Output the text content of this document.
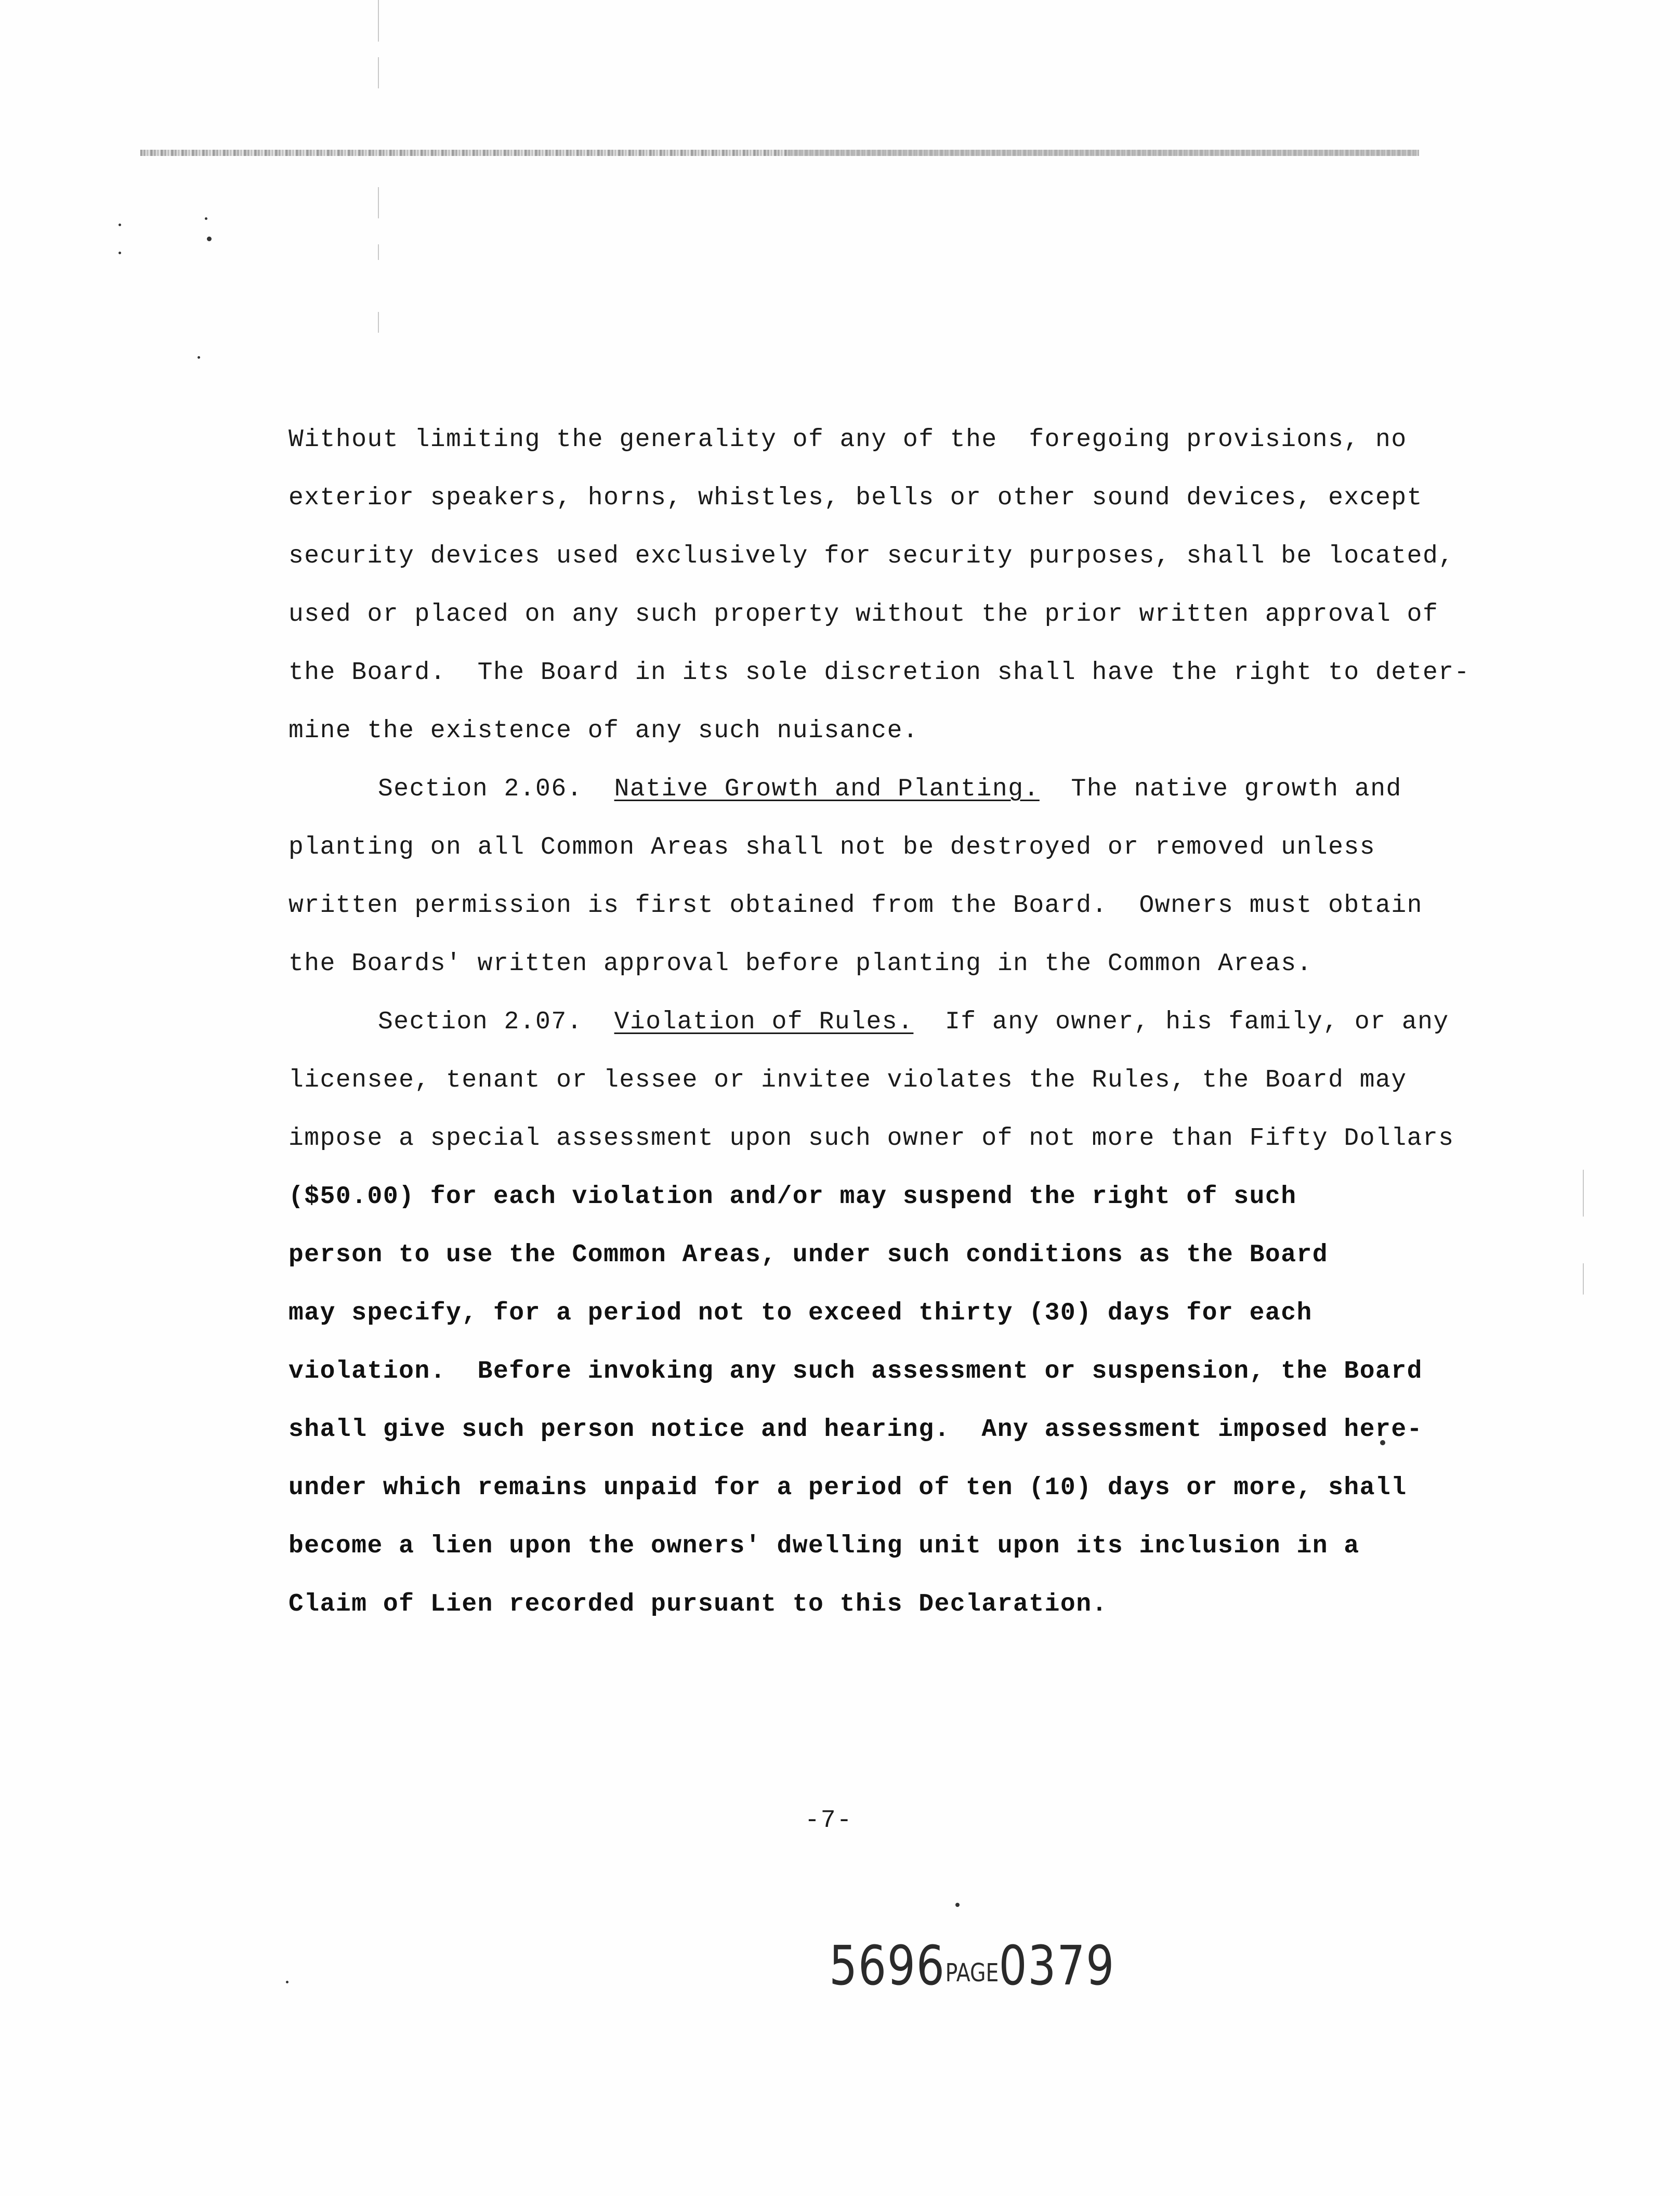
Without limiting the generality of any of the  foregoing provisions, no
exterior speakers, horns, whistles, bells or other sound devices, except
security devices used exclusively for security purposes, shall be located,
used or placed on any such property without the prior written approval of
the Board.  The Board in its sole discretion shall have the right to deter-
mine the existence of any such nuisance.
Section 2.06.  Native Growth and Planting.  The native growth and
planting on all Common Areas shall not be destroyed or removed unless
written permission is first obtained from the Board.  Owners must obtain
the Boards' written approval before planting in the Common Areas.
Section 2.07.  Violation of Rules.  If any owner, his family, or any
licensee, tenant or lessee or invitee violates the Rules, the Board may
impose a special assessment upon such owner of not more than Fifty Dollars
($50.00) for each violation and/or may suspend the right of such
person to use the Common Areas, under such conditions as the Board
may specify, for a period not to exceed thirty (30) days for each
violation.  Before invoking any such assessment or suspension, the Board
shall give such person notice and hearing.  Any assessment imposed here-
under which remains unpaid for a period of ten (10) days or more, shall
become a lien upon the owners' dwelling unit upon its inclusion in a
Claim of Lien recorded pursuant to this Declaration.
-7-
5696PAGE0379
